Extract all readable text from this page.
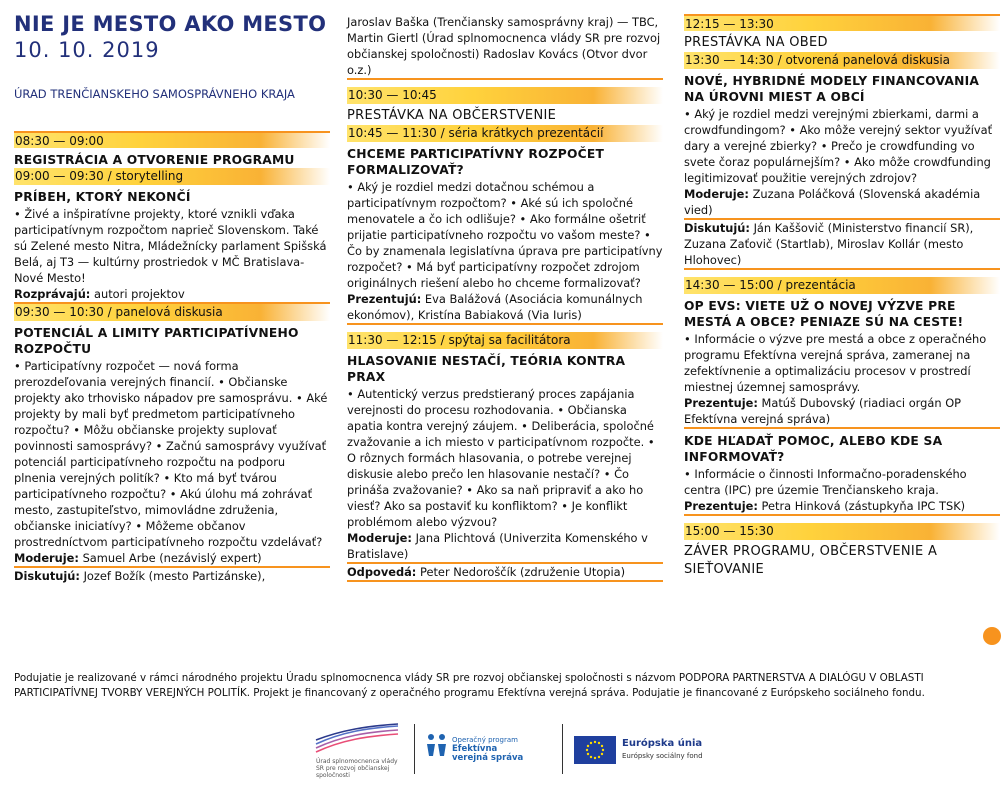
NIE JE MESTO AKO MESTO
10. 10. 2019
ÚRAD TRENČIANSKEHO SAMOSPRÁVNEHO KRAJA
08:30 — 09:00
REGISTRÁCIA A OTVORENIE PROGRAMU
09:00 — 09:30 / storytelling
PRÍBEH, KTORÝ NEKONČÍ
• Živé a inšpiratívne projekty, ktoré vznikli vďaka participatívnym rozpočtom naprieč Slovenskom. Také sú Zelené mesto Nitra, Mládežnícky parlament Spišská Belá, aj T3 — kultúrny prostriedok v MČ Bratislava-Nové Mesto!
Rozprávajú: autori projektov
09:30 — 10:30 / panelová diskusia
POTENCIÁL A LIMITY PARTICIPATÍVNEHO ROZPOČTU
• Participatívny rozpočet — nová forma prerozdeľovania verejných financií. • Občianske projekty ako trhovisko nápadov pre samosprávu. • Aké projekty by mali byť predmetom participatívneho rozpočtu? • Môžu občianske projekty suplovať povinnosti samosprávy? • Začnú samosprávy využívať potenciál participatívneho rozpočtu na podporu plnenia verejných politík? • Kto má byť tvárou participatívneho rozpočtu? • Akú úlohu má zohrávať mesto, zastupiteľstvo, mimovládne združenia, občianske iniciatívy? • Môžeme občanov prostredníctvom participatívneho rozpočtu vzdelávať?
Moderuje: Samuel Arbe (nezávislý expert)
Diskutujú: Jozef Božík (mesto Partizánske),
Jaroslav Baška (Trenčiansky samosprávny kraj) — TBC, Martin Giertl (Úrad splnomocnenca vlády SR pre rozvoj občianskej spoločnosti) Radoslav Kovács (Otvor dvor o.z.)
10:30 — 10:45
PRESTÁVKA NA OBČERSTVENIE
10:45 — 11:30 / séria krátkych prezentácií
CHCEME PARTICIPATÍVNY ROZPOČET FORMALIZOVAŤ?
• Aký je rozdiel medzi dotačnou schémou a participatívnym rozpočtom? • Aké sú ich spoločné menovatele a čo ich odlišuje? • Ako formálne ošetriť prijatie participatívneho rozpočtu vo vašom meste? • Čo by znamenala legislatívna úprava pre participatívny rozpočet? • Má byť participatívny rozpočet zdrojom originálnych riešení alebo ho chceme formalizovať?
Prezentujú: Eva Balážová (Asociácia komunálnych ekonómov), Kristína Babiaková (Via Iuris)
11:30 — 12:15 / spýtaj sa facilitátora
HLASOVANIE NESTAČÍ, TEÓRIA KONTRA PRAX
• Autentický verzus predstieraný proces zapájania verejnosti do procesu rozhodovania. • Občianska apatia kontra verejný záujem. • Deliberácia, spoločné zvažovanie a ich miesto v participatívnom rozpočte. • O rôznych formách hlasovania, o potrebe verejnej diskusie alebo prečo len hlasovanie nestačí? • Čo prináša zvažovanie? • Ako sa naň pripraviť a ako ho viesť? Ako sa postaviť ku konfliktom? • Je konflikt problémom alebo výzvou?
Moderuje: Jana Plichtová (Univerzita Komenského v Bratislave)
Odpovedá: Peter Nedoroščík (združenie Utopia)
12:15 — 13:30
PRESTÁVKA NA OBED
13:30 — 14:30 / otvorená panelová diskusia
NOVÉ, HYBRIDNÉ MODELY FINANCOVANIA NA ÚROVNI MIEST A OBCÍ
• Aký je rozdiel medzi verejnými zbierkami, darmi a crowdfundingom? • Ako môže verejný sektor využívať dary a verejné zbierky? • Prečo je crowdfunding vo svete čoraz populárnejším? • Ako môže crowdfunding legitimizovať použitie verejných zdrojov?
Moderuje: Zuzana Poláčková (Slovenská akadémia vied)
Diskutujú: Ján Kaššovič (Ministerstvo financií SR), Zuzana Zaťovič (Startlab), Miroslav Kollár (mesto Hlohovec)
14:30 — 15:00 / prezentácia
OP EVS: VIETE UŽ O NOVEJ VÝZVE PRE MESTÁ A OBCE? PENIAZE SÚ NA CESTE!
• Informácie o výzve pre mestá a obce z operačného programu Efektívna verejná správa, zameranej na zefektívnenie a optimalizáciu procesov v prostredí miestnej územnej samosprávy.
Prezentuje: Matúš Dubovský (riadiaci orgán OP Efektívna verejná správa)
KDE HĽADAŤ POMOC, ALEBO KDE SA INFORMOVAŤ?
• Informácie o činnosti Informačno-poradenského centra (IPC) pre územie Trenčianskeho kraja.
Prezentuje: Petra Hinková (zástupkyňa IPC TSK)
15:00 — 15:30
ZÁVER PROGRAMU, OBČERSTVENIE A SIEŤOVANIE
Podujatie je realizované v rámci národného projektu Úradu splnomocnenca vlády SR pre rozvoj občianskej spoločnosti s názvom PODPORA PARTNERSTVA A DIALÓGU V OBLASTI PARTICIPATÍVNEJ TVORBY VEREJNÝCH POLITÍK. Projekt je financovaný z operačného programu Efektívna verejná správa. Podujatie je financované z Európskeho sociálneho fondu.
Úrad splnomocnenca vlády SR pre rozvoj občianskej spoločnosti
Operačný program
Efektívna verejná správa
Európska únia
Európsky sociálny fond
